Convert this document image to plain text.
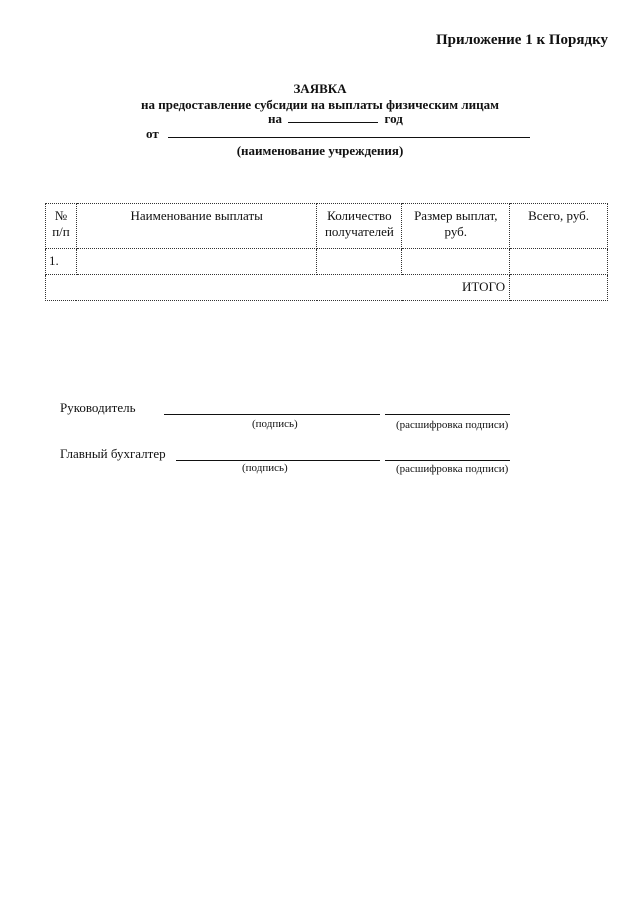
Приложение 1 к Порядку
ЗАЯВКА
на предоставление субсидии на выплаты физическим лицам
на	год
от
(наименование учреждения)
№ п/п	Наименование выплаты	Количество получателей	Размер выплат, руб.	Всего, руб.
1.				
ИТОГО				
Руководитель
(подпись)	(расшифровка подписи)
Главный бухгалтер
(подпись)	(расшифровка подписи)
